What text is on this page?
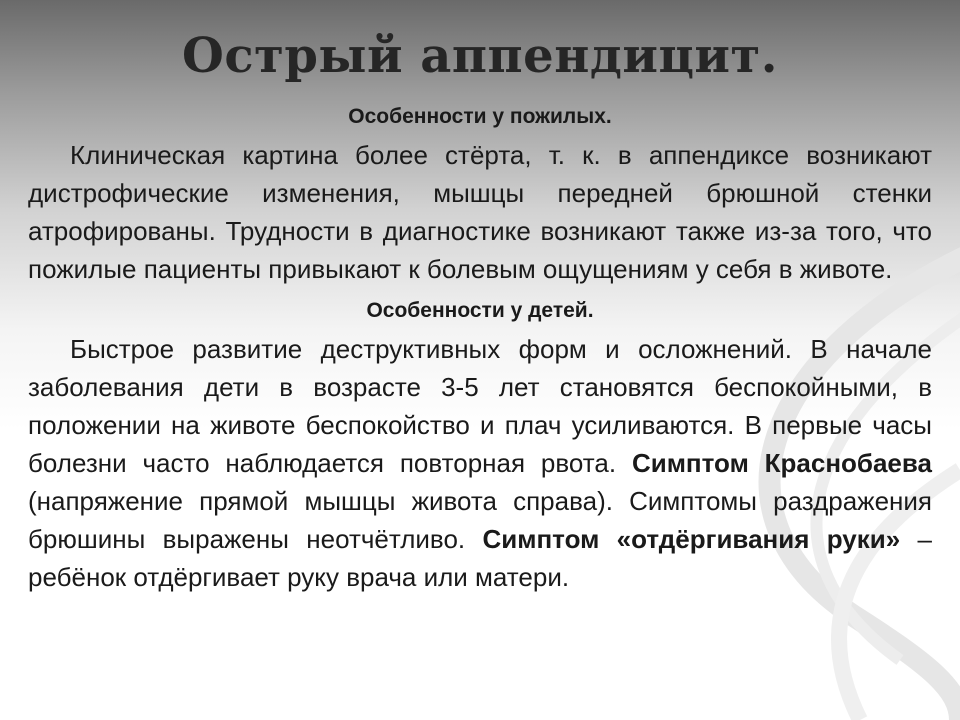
Острый аппендицит.

Особенности у пожилых.

Клиническая картина более стёрта, т. к. в аппендиксе возникают дистрофические изменения, мышцы передней брюшной стенки атрофированы. Трудности в диагностике возникают также из-за того, что пожилые пациенты привыкают к болевым ощущениям у себя в животе.

Особенности у детей.

Быстрое развитие деструктивных форм и осложнений. В начале заболевания дети в возрасте 3-5 лет становятся беспокойными, в положении на животе беспокойство и плач усиливаются. В первые часы болезни часто наблюдается повторная рвота. Симптом Краснобаева (напряжение прямой мышцы живота справа). Симптомы раздражения брюшины выражены неотчётливо. Симптом «отдёргивания руки» – ребёнок отдёргивает руку врача или матери.
